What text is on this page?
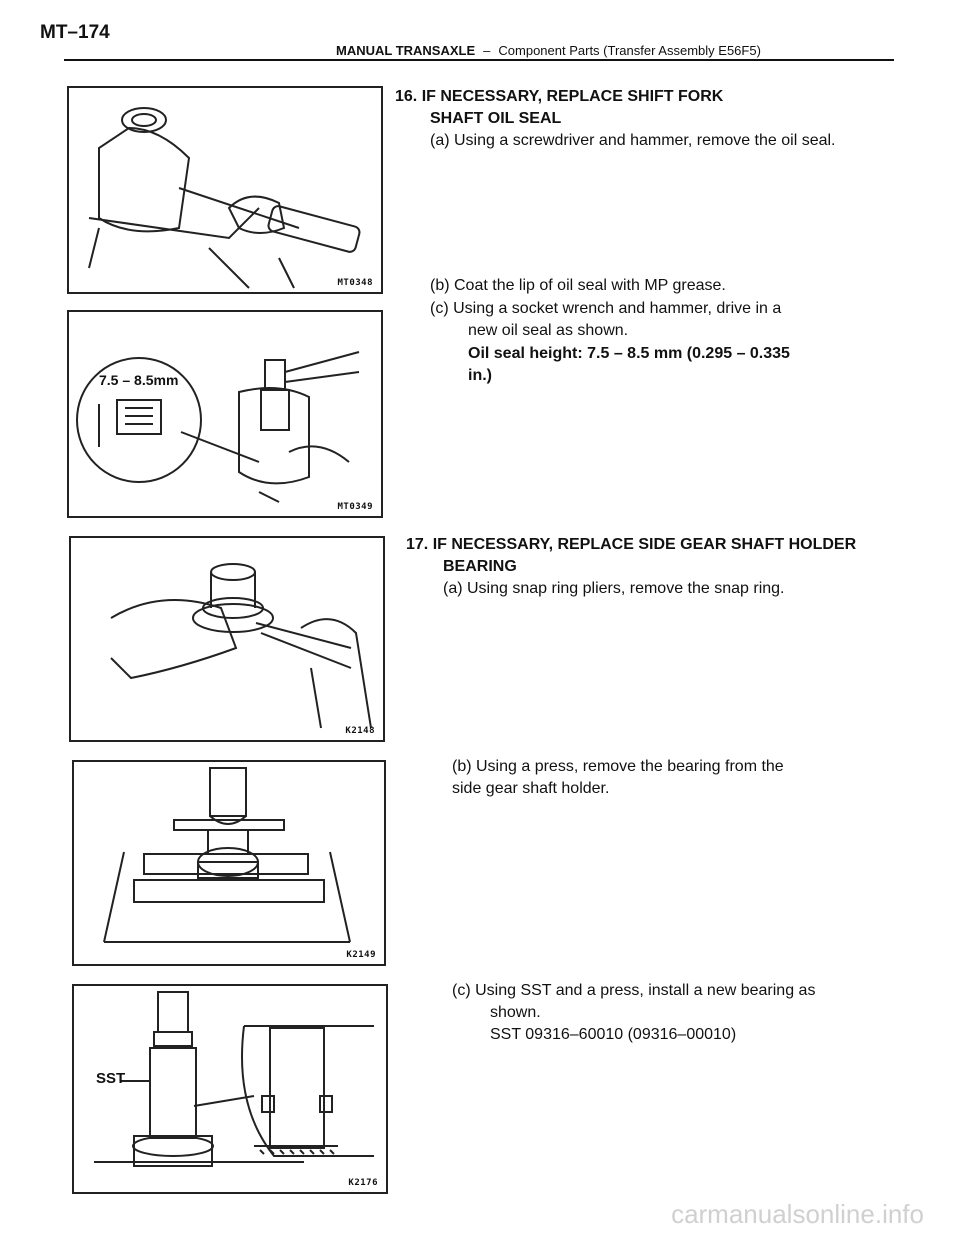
MT–174
MANUAL TRANSAXLE – Component Parts (Transfer Assembly E56F5)
MT0348
7.5 – 8.5mm
MT0349
K2148
K2149
SST
K2176
16. IF NECESSARY, REPLACE SHIFT FORK
SHAFT OIL SEAL
(a) Using a screwdriver and hammer, remove the oil seal.
(b) Coat the lip of oil seal with MP grease.
(c) Using a socket wrench and hammer, drive in a
new oil seal as shown.
Oil seal height: 7.5 – 8.5 mm (0.295 – 0.335
in.)
17. IF NECESSARY, REPLACE SIDE GEAR SHAFT HOLDER
BEARING
(a) Using snap ring pliers, remove the snap ring.
(b) Using a press, remove the bearing from the
side gear shaft holder.
(c) Using SST and a press, install a new bearing as
shown.
SST 09316–60010 (09316–00010)
carmanualsonline.info
